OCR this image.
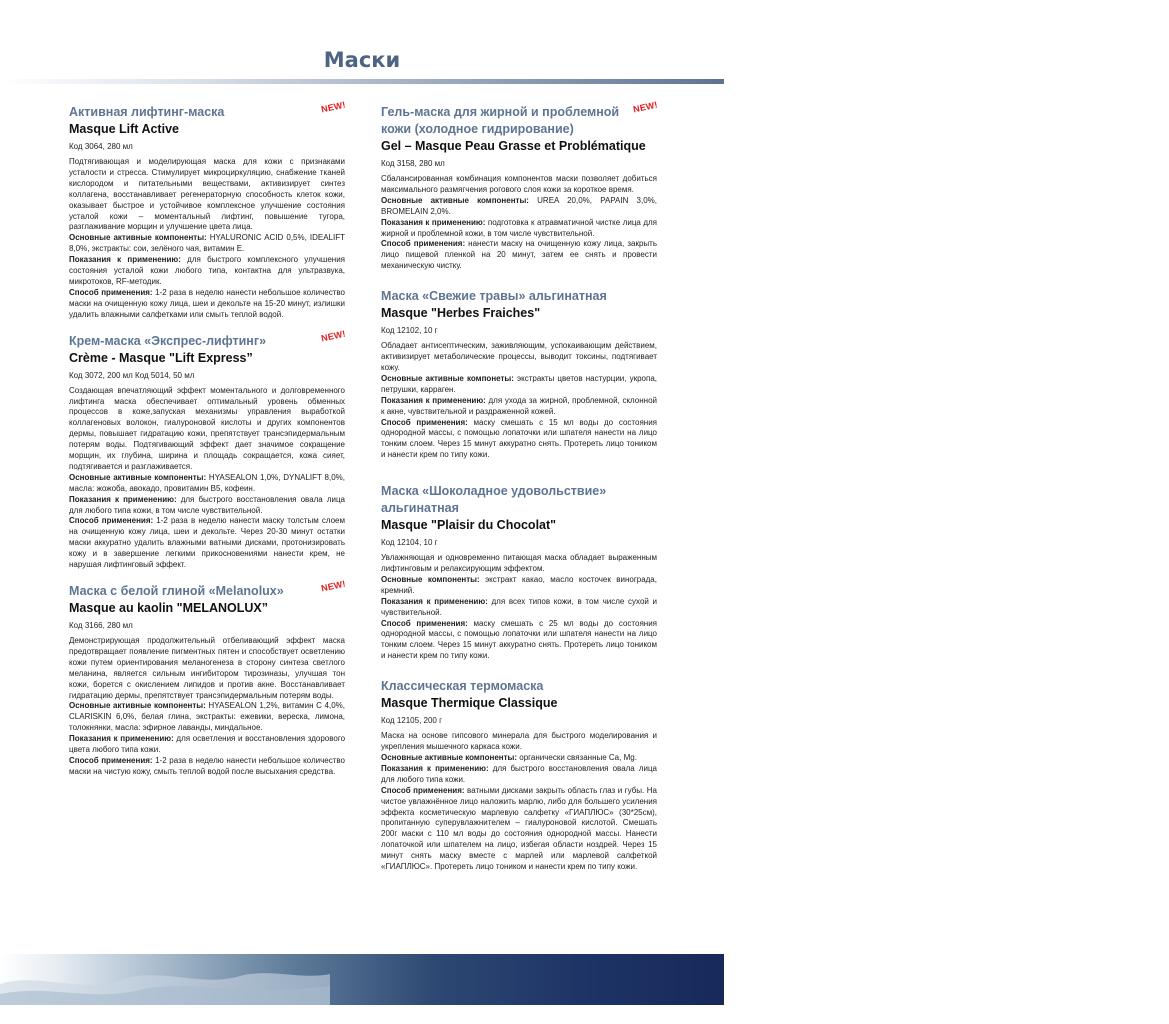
Маски
NEW!
Активная лифтинг-маска
Masque Lift Active
Код 3064, 280 мл

Подтягивающая и моделирующая маска для кожи с признаками усталости и стресса. Стимулирует микроциркуляцию, снабжение тканей кислородом и питательными веществами, активизирует синтез коллагена, восстанавливает регенераторную способность клеток кожи, оказывает быстрое и устойчивое комплексное улучшение состояния усталой кожи – моментальный лифтинг, повышение тугора, разглаживание морщин и улучшение цвета лица.

Основные активные компоненты: HYALURONIC ACID 0,5%, IDEALIFT 8,0%, экстракты: сои, зелёного чая, витамин Е.

Показания к применению: для быстрого комплексного улучшения состояния усталой кожи любого типа, контактна для ультразвука, микротоков, RF-методик.

Способ применения: 1-2 раза в неделю нанести небольшое количество маски на очищенную кожу лица, шеи и декольте на 15-20 минут, излишки удалить влажными салфетками или смыть теплой водой.

NEW!
Крем-маска «Экспрес-лифтинг»
Crème - Masque "Lift Express”
Код 3072, 200 мл Код 5014, 50 мл

Создающая впечатляющий эффект моментального и долговременного лифтинга маска обеспечивает оптимальный уровень обменных процессов в коже,запуская механизмы управления выработкой коллагеновых волокон, гиалуроновой кислоты и других компонентов дермы, повышает гидратацию кожи, препятствует трансэпидермальным потерям воды. Подтягивающий эффект дает значимое сокращение морщин, их глубина, ширина и площадь сокращается, кожа сияет, подтягивается и разглаживается.

Основные активные компоненты: HYASEALON 1,0%, DYNALIFT 8,0%, масла: жожоба, авокадо, провитамин B5, кофеин.

Показания к применению: для быстрого восстановления овала лица для любого типа кожи, в том числе чувствительной.

Способ применения: 1-2 раза в неделю нанести маску толстым слоем на очищенную кожу лица, шеи и декольте. Через 20-30 минут остатки маски аккуратно удалить влажными ватными дисками, протонизировать кожу и в завершение легкими прикосновениями нанести крем, не нарушая лифтинговый эффект.

NEW!
Маска с белой глиной «Melanolux»
Masque au kaolin "MELANOLUX”
Код 3166, 280 мл

Демонстрирующая продолжительный отбеливающий эффект маска предотвращает появление пигментных пятен и способствует осветлению кожи путем ориентирования меланогенеза в сторону синтеза светлого меланина, является сильным ингибитором тирозиназы, улучшая тон кожи, борется с окислением липидов и против акне. Восстанавливает гидратацию дермы, препятствует трансэпидермальным потерям воды.

Основные активные компоненты: HYASEALON 1,2%, витамин С 4,0%, CLARISKIN 6,0%, белая глина, экстракты: ежевики, вереска, лимона, толокнянки, масла: эфирное лаванды, миндальное.

Показания к применению: для осветления и восстановления здорового цвета любого типа кожи.

Способ применения: 1-2 раза в неделю нанести небольшое количество маски на чистую кожу, смыть теплой водой после высыхания средства.

NEW!
Гель-маска для жирной и проблемной кожи (холодное гидрирование)
Gel – Masque Peau Grasse et Problématique
Код 3158, 280 мл

Сбалансированная комбинация компонентов маски позволяет добиться максимального размягчения рогового слоя кожи за короткое время.

Основные активные компоненты: UREA 20,0%, PAPAIN 3,0%, BROMELAIN 2,0%.

Показания к применению: подготовка к атравматичной чистке лица для жирной и проблемной кожи, в том числе чувствительной.

Способ применения: нанести маску на очищенную кожу лица, закрыть лицо пищевой пленкой на 20 минут, затем ее снять и провести механическую чистку.

Маска «Свежие травы» альгинатная
Masque "Herbes Fraiches"
Код 12102, 10 г

Обладает антисептическим, заживляющим, успокаивающим действием, активизирует метаболические процессы, выводит токсины, подтягивает кожу.

Основные активные компонеты: экстракты цветов настурции, укропа, петрушки, карраген.

Показания к применению: для ухода за жирной, проблемной, склонной к акне, чувствительной и раздраженной кожей.

Способ применения: маску смешать с 15 мл воды до состояния однородной массы, с помощью лопаточки или шпателя нанести на лицо тонким слоем. Через 15 минут аккуратно снять. Протереть лицо тоником и нанести крем по типу кожи.

Маска «Шоколадное удовольствие» альгинатная
Masque "Plaisir du Chocolat"
Код 12104, 10 г

Увлажняющая и одновременно питающая маска обладает выраженным лифтинговым и релаксирующим эффектом.

Основные компоненты: экстракт какао, масло косточек винограда, кремний.

Показания к применению: для всех типов кожи, в том числе сухой и чувствительной.

Способ применения: маску смешать с 25 мл воды до состояния однородной массы, с помощью лопаточки или шпателя нанести на лицо тонким слоем. Через 15 минут аккуратно снять. Протереть лицо тоником и нанести крем по типу кожи.

Классическая термомаска
Masque Thermique Classique
Код 12105, 200 г

Маска на основе гипсового минерала для быстрого моделирования и укрепления мышечного каркаса кожи.

Основные активные компоненты: органически связанные Ca, Mg.

Показания к применению: для быстрого восстановления овала лица для любого типа кожи.

Способ применения: ватными дисками закрыть область глаз и губы. На чистое увлажнённое лицо наложить марлю, либо для большего усиления эффекта косметическую марлевую салфетку «ГИАПЛЮС» (30*25см), пропитанную суперувлажнителем – гиалуроновой кислотой. Смешать 200г маски с 110 мл воды до состояния однородной массы. Нанести лопаточкой или шпателем на лицо, избегая области ноздрей. Через 15 минут снять маску вместе с марлей или марлевой салфеткой «ГИАПЛЮС». Протереть лицо тоником и нанести крем по типу кожи.

Wellness-косметика KOSMOTEROS PROFESSIONNEL 11
